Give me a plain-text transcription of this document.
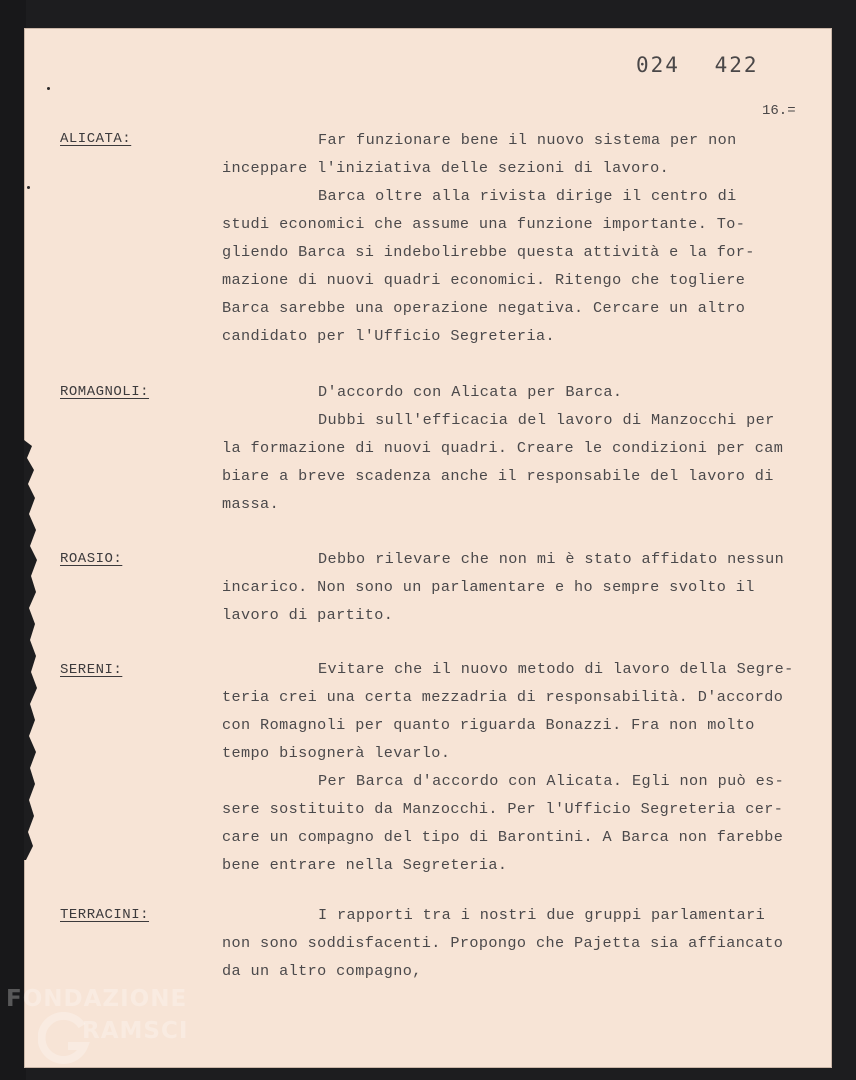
024 422
16.=
ALICATA:	Far funzionare bene il nuovo sistema per non
inceppare l'iniziativa delle sezioni di lavoro.
Barca oltre alla rivista dirige il centro di
studi economici che assume una funzione importante. To-
gliendo Barca si indebolirebbe questa attività e la for-
mazione di nuovi quadri economici. Ritengo che togliere
Barca sarebbe una operazione negativa. Cercare un altro
candidato per l'Ufficio Segreteria.
ROMAGNOLI:	D'accordo con Alicata per Barca.
Dubbi sull'efficacia del lavoro di Manzocchi per
la formazione di nuovi quadri. Creare le condizioni per cam
biare a breve scadenza anche il responsabile del lavoro di
massa.
ROASIO:	Debbo rilevare che non mi è stato affidato nessun
incarico. Non sono un parlamentare e ho sempre svolto il
lavoro di partito.
SERENI:	Evitare che il nuovo metodo di lavoro della Segre-
teria crei una certa mezzadria di responsabilità. D'accordo
con Romagnoli per quanto riguarda Bonazzi. Fra non molto
tempo bisognerà levarlo.
Per Barca d'accordo con Alicata. Egli non può es-
sere sostituito da Manzocchi. Per l'Ufficio Segreteria cer-
care un compagno del tipo di Barontini. A Barca non farebbe
bene entrare nella Segreteria.
TERRACINI:	I rapporti tra i nostri due gruppi parlamentari
non sono soddisfacenti. Propongo che Pajetta sia affiancato
da un altro compagno,
FONDAZIONE
G
RAMSCI
